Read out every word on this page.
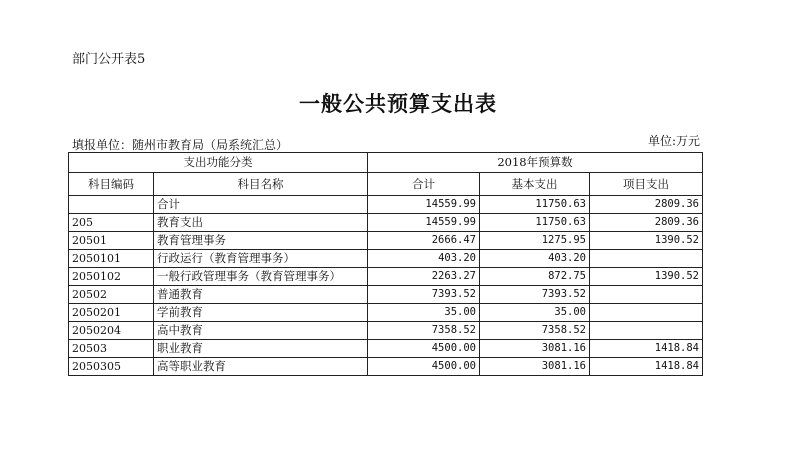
部门公开表5
一般公共预算支出表
填报单位：随州市教育局（局系统汇总）	单位:万元
支出功能分类		2018年预算数		
科目编码	科目名称	合计	基本支出	项目支出
	合计	14559.99	11750.63	2809.36
205	教育支出	14559.99	11750.63	2809.36
20501	教育管理事务	2666.47	1275.95	1390.52
2050101	行政运行（教育管理事务）	403.20	403.20	
2050102	一般行政管理事务（教育管理事务）	2263.27	872.75	1390.52
20502	普通教育	7393.52	7393.52	
2050201	学前教育	35.00	35.00	
2050204	高中教育	7358.52	7358.52	
20503	职业教育	4500.00	3081.16	1418.84
2050305	高等职业教育	4500.00	3081.16	1418.84
